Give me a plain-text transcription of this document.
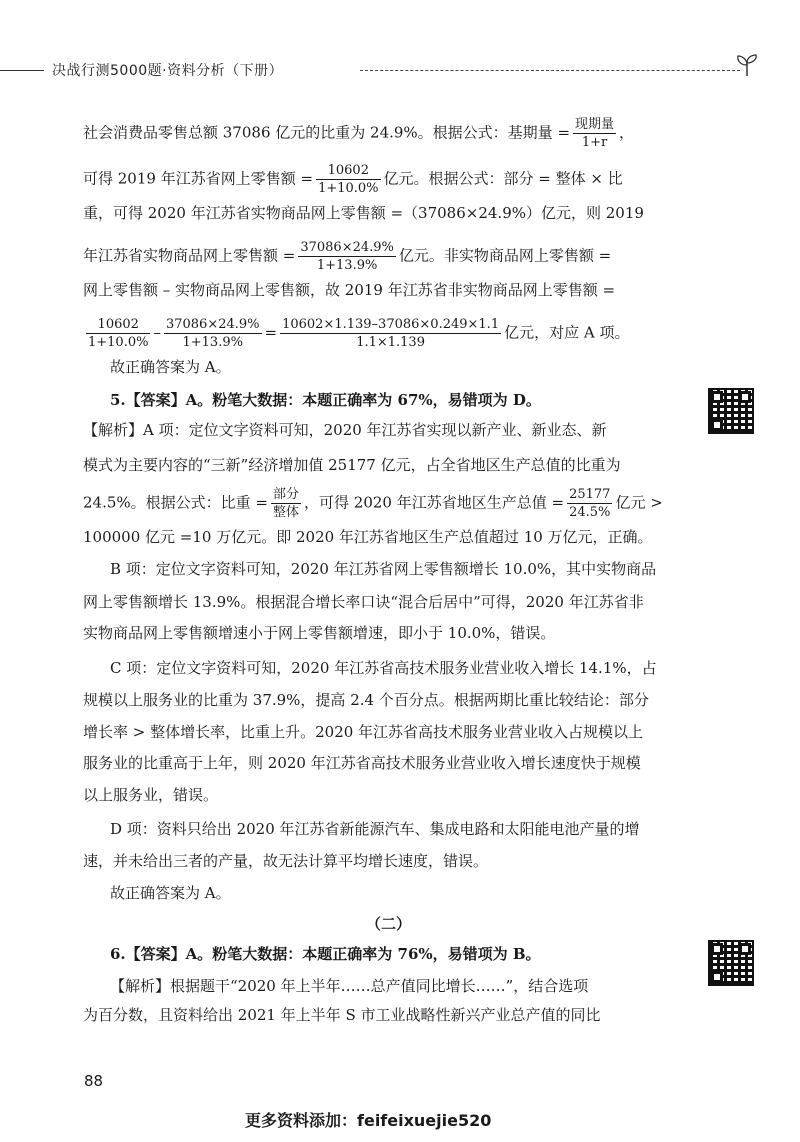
决战行测5000题·资料分析（下册）
社会消费品零售总额 37086 亿元的比重为 24.9%。根据公式：基期量 = $\frac{\text{现期量}}{1+r}$ ，
可得 2019 年江苏省网上零售额 = $\frac{10602}{1+10.0\%}$ 亿元。根据公式：部分 = 整体 × 比
重，可得 2020 年江苏省实物商品网上零售额 =（37086×24.9%）亿元，则 2019
年江苏省实物商品网上零售额 = $\frac{37086\times 24.9\%}{1+13.9\%}$ 亿元。非实物商品网上零售额 =
网上零售额 – 实物商品网上零售额，故 2019 年江苏省非实物商品网上零售额 =
$\frac{10602}{1+10.0\%} - \frac{37086\times 24.9\%}{1+13.9\%} = \frac{10602\times 1.139-37086\times 0.249\times 1.1}{1.1\times 1.139}$ 亿元，对应 A 项。
故正确答案为 A。
5.【答案】A。粉笔大数据：本题正确率为 67%，易错项为 D。
【解析】A 项：定位文字资料可知，2020 年江苏省实现以新产业、新业态、新
模式为主要内容的“三新”经济增加值 25177 亿元，占全省地区生产总值的比重为
24.5%。根据公式：比重 = $\frac{\text{部分}}{\text{整体}}$ ，可得 2020 年江苏省地区生产总值 = $\frac{25177}{24.5\%}$ 亿元 >
100000 亿元 =10 万亿元。即 2020 年江苏省地区生产总值超过 10 万亿元，正确。
B 项：定位文字资料可知，2020 年江苏省网上零售额增长 10.0%，其中实物商品
网上零售额增长 13.9%。根据混合增长率口诀“混合后居中”可得，2020 年江苏省非
实物商品网上零售额增速小于网上零售额增速，即小于 10.0%，错误。
C 项：定位文字资料可知，2020 年江苏省高技术服务业营业收入增长 14.1%，占
规模以上服务业的比重为 37.9%，提高 2.4 个百分点。根据两期比重比较结论：部分
增长率 > 整体增长率，比重上升。2020 年江苏省高技术服务业营业收入占规模以上
服务业的比重高于上年，则 2020 年江苏省高技术服务业营业收入增长速度快于规模
以上服务业，错误。
D 项：资料只给出 2020 年江苏省新能源汽车、集成电路和太阳能电池产量的增
速，并未给出三者的产量，故无法计算平均增长速度，错误。
故正确答案为 A。
（二）
6.【答案】A。粉笔大数据：本题正确率为 76%，易错项为 B。
【解析】根据题干“2020 年上半年……总产值同比增长……”，结合选项
为百分数，且资料给出 2021 年上半年 S 市工业战略性新兴产业总产值的同比
88
更多资料添加：feifeixuejie520
